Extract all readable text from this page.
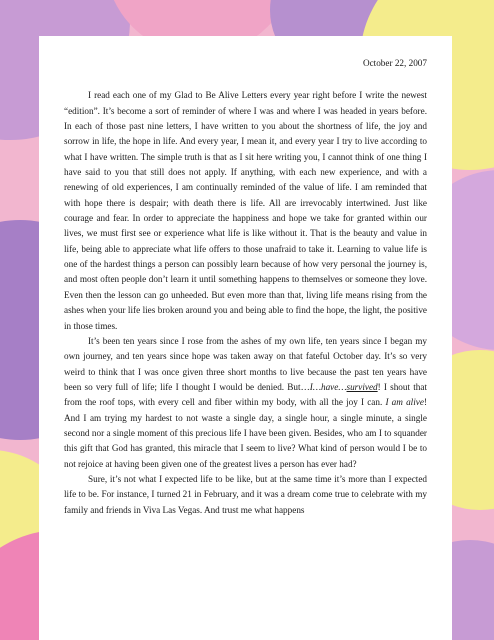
October 22, 2007

I read each one of my Glad to Be Alive Letters every year right before I write the newest “edition”. It’s become a sort of reminder of where I was and where I was headed in years before. In each of those past nine letters, I have written to you about the shortness of life, the joy and sorrow in life, the hope in life. And every year, I mean it, and every year I try to live according to what I have written. The simple truth is that as I sit here writing you, I cannot think of one thing I have said to you that still does not apply. If anything, with each new experience, and with a renewing of old experiences, I am continually reminded of the value of life. I am reminded that with hope there is despair; with death there is life. All are irrevocably intertwined. Just like courage and fear. In order to appreciate the happiness and hope we take for granted within our lives, we must first see or experience what life is like without it. That is the beauty and value in life, being able to appreciate what life offers to those unafraid to take it. Learning to value life is one of the hardest things a person can possibly learn because of how very personal the journey is, and most often people don’t learn it until something happens to themselves or someone they love. Even then the lesson can go unheeded. But even more than that, living life means rising from the ashes when your life lies broken around you and being able to find the hope, the light, the positive in those times.

It’s been ten years since I rose from the ashes of my own life, ten years since I began my own journey, and ten years since hope was taken away on that fateful October day. It’s so very weird to think that I was once given three short months to live because the past ten years have been so very full of life; life I thought I would be denied. But…I…have…survived! I shout that from the roof tops, with every cell and fiber within my body, with all the joy I can. I am alive! And I am trying my hardest to not waste a single day, a single hour, a single minute, a single second nor a single moment of this precious life I have been given. Besides, who am I to squander this gift that God has granted, this miracle that I seem to live? What kind of person would I be to not rejoice at having been given one of the greatest lives a person has ever had?

Sure, it’s not what I expected life to be like, but at the same time it’s more than I expected life to be. For instance, I turned 21 in February, and it was a dream come true to celebrate with my family and friends in Viva Las Vegas. And trust me what happens
